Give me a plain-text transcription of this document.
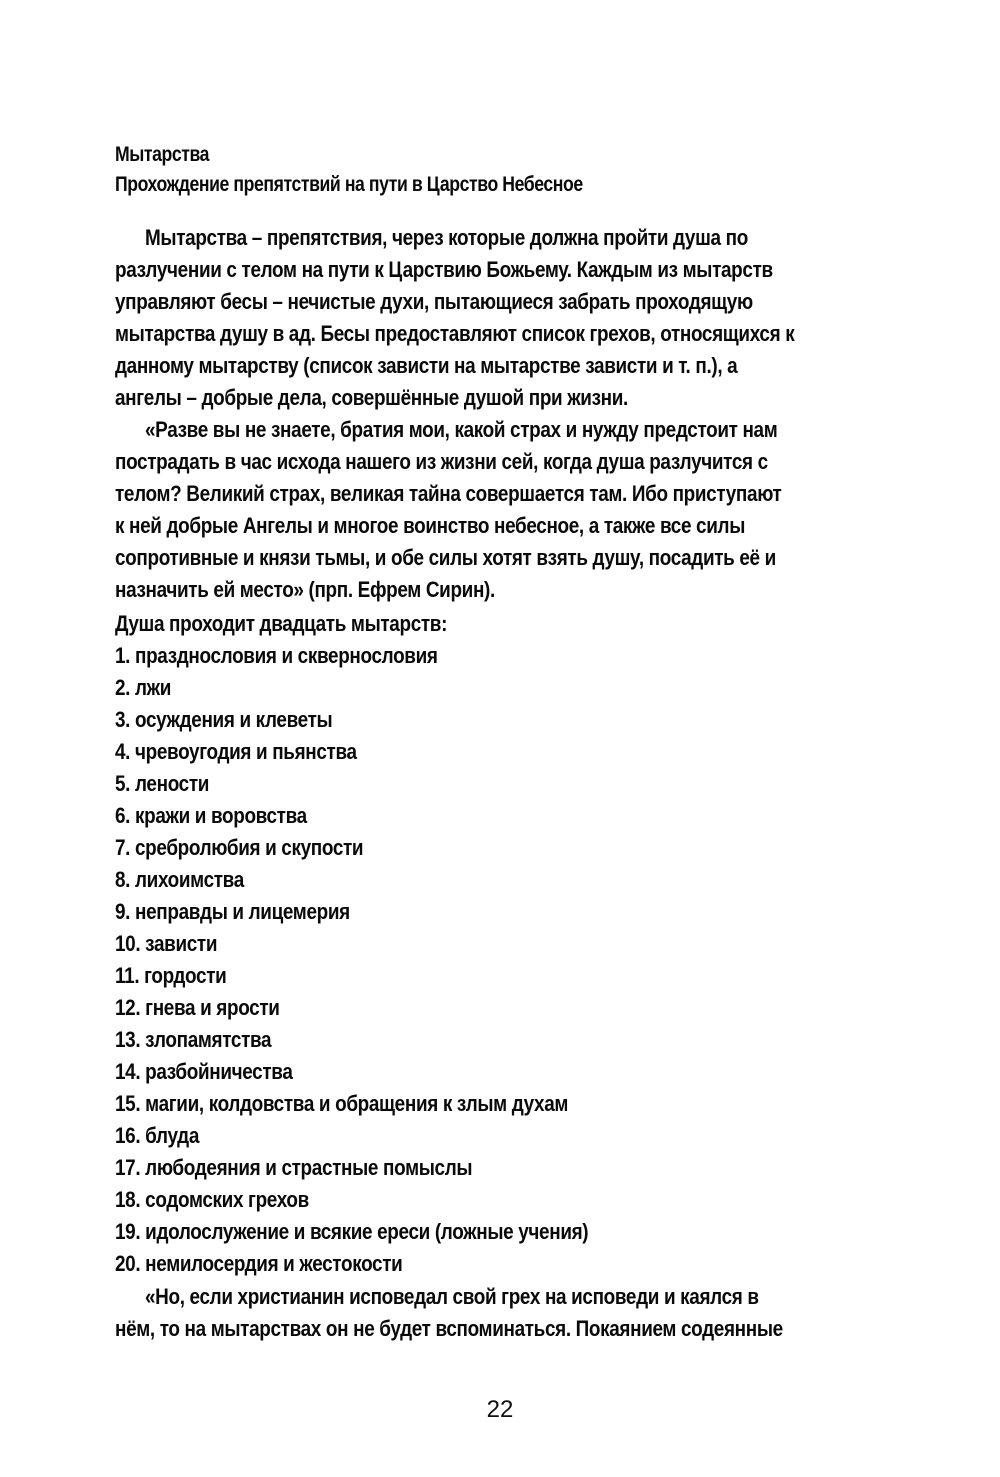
Мытарства
Прохождение препятствий на пути в Царство Небесное
Мытарства – препятствия, через которые должна пройти душа по
разлучении с телом на пути к Царствию Божьему. Каждым из мытарств
управляют бесы – нечистые духи, пытающиеся забрать проходящую
мытарства душу в ад. Бесы предоставляют список грехов, относящихся к
данному мытарству (список зависти на мытарстве зависти и т. п.), а
ангелы – добрые дела, совершённые душой при жизни.
«Разве вы не знаете, братия мои, какой страх и нужду предстоит нам
пострадать в час исхода нашего из жизни сей, когда душа разлучится с
телом? Великий страх, великая тайна совершается там. Ибо приступают
к ней добрые Ангелы и многое воинство небесное, а также все силы
сопротивные и князи тьмы, и обе силы хотят взять душу, посадить её и
назначить ей место» (прп. Ефрем Сирин).
Душа проходит двадцать мытарств:
1. празднословия и сквернословия
2. лжи
3. осуждения и клеветы
4. чревоугодия и пьянства
5. лености
6. кражи и воровства
7. сребролюбия и скупости
8. лихоимства
9. неправды и лицемерия
10. зависти
11. гордости
12. гнева и ярости
13. злопамятства
14. разбойничества
15. магии, колдовства и обращения к злым духам
16. блуда
17. любодеяния и страстные помыслы
18. содомских грехов
19. идолослужение и всякие ереси (ложные учения)
20. немилосердия и жестокости
«Но, если христианин исповедал свой грех на исповеди и каялся в
нём, то на мытарствах он не будет вспоминаться. Покаянием содеянные
22
